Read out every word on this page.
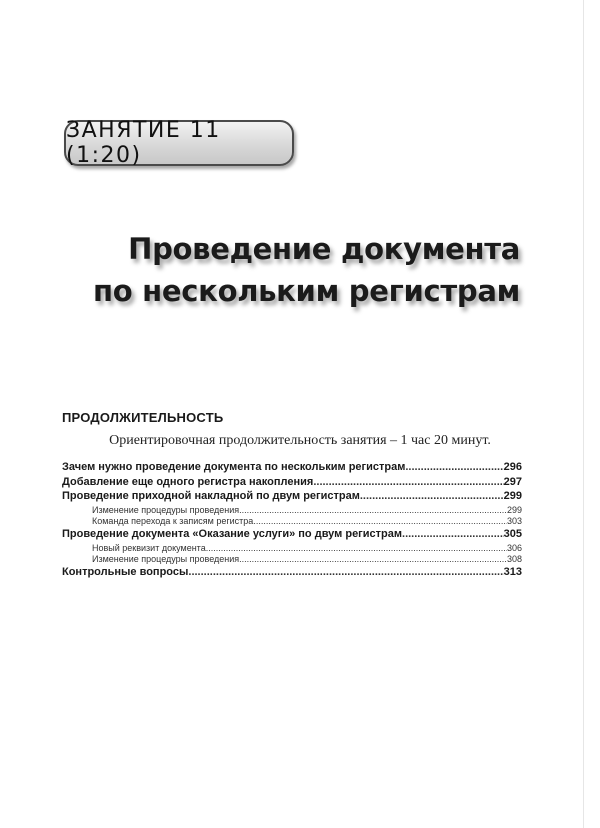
ЗАНЯТИЕ 11 (1:20)
Проведение документа
по нескольким регистрам
ПРОДОЛЖИТЕЛЬНОСТЬ
Ориентировочная продолжительность занятия – 1 час 20 минут.
Зачем нужно проведение документа по нескольким регистрам .....	296
Добавление еще одного регистра накопления .....	297
Проведение приходной накладной по двум регистрам .....	299
Изменение процедуры проведения .....	299
Команда перехода к записям регистра .....	303
Проведение документа «Оказание услуги» по двум регистрам .....	305
Новый реквизит документа .....	306
Изменение процедуры проведения .....	308
Контрольные вопросы .....	313
